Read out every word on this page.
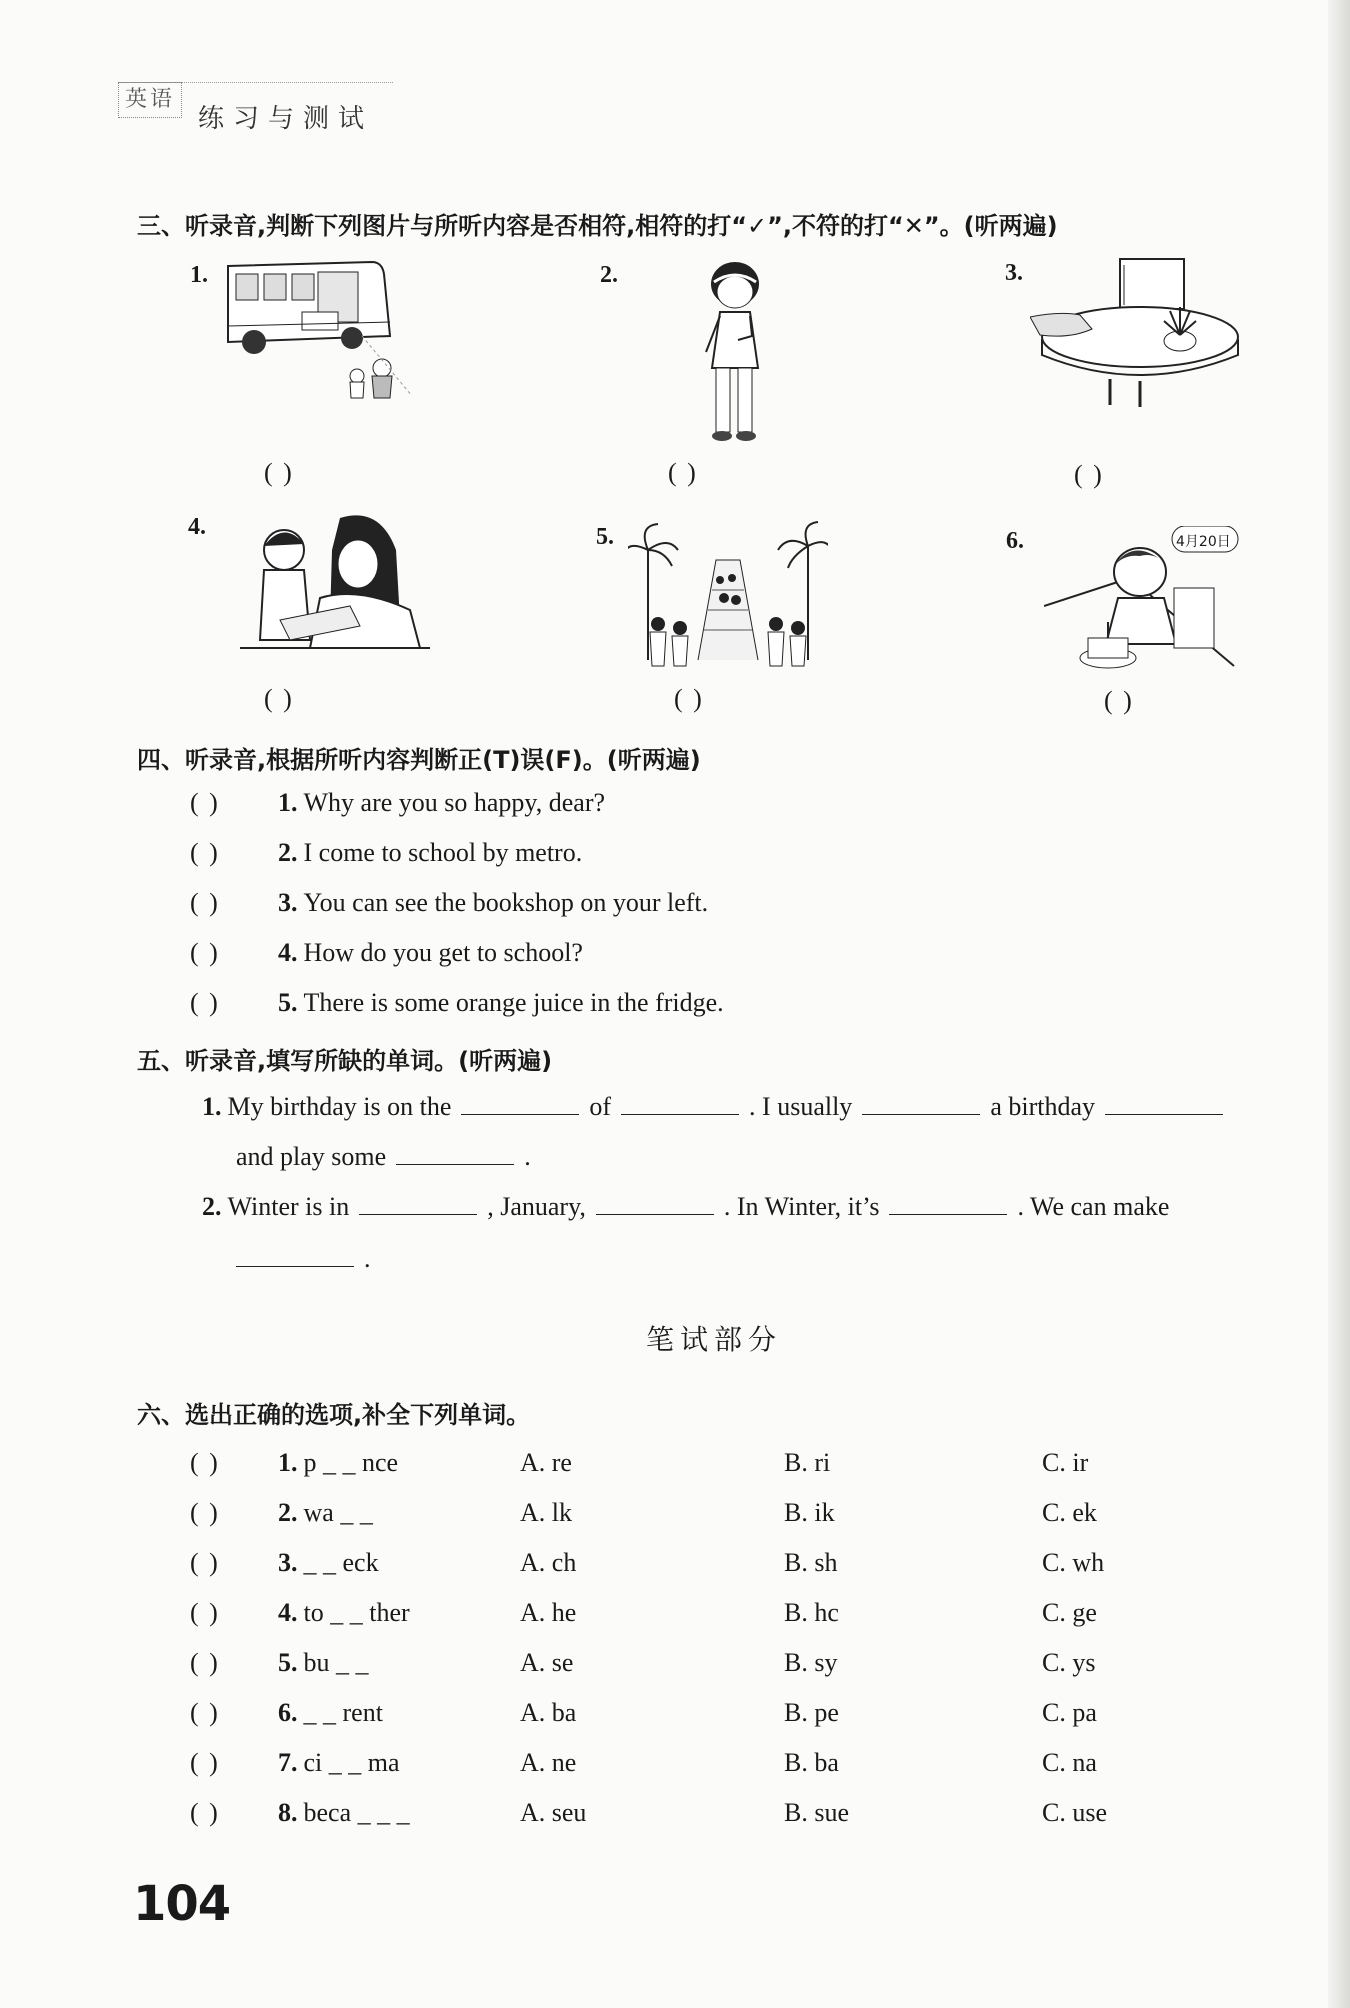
英语
练习与测试
三、听录音,判断下列图片与所听内容是否相符,相符的打“✓”,不符的打“✕”。(听两遍)
1.	2.	3.
( )	( )	( )
4.	5.	6.	4月20日
( )	( )	( )
四、听录音,根据所听内容判断正(T)误(F)。(听两遍)
( ) 1. Why are you so happy, dear?
( ) 2. I come to school by metro.
( ) 3. You can see the bookshop on your left.
( ) 4. How do you get to school?
( ) 5. There is some orange juice in the fridge.
五、听录音,填写所缺的单词。(听两遍)
1. My birthday is on the	of	. I usually	a birthday
and play some	.
2. Winter is in	, January,	. In Winter, it’s	. We can make
.
笔试部分
六、选出正确的选项,补全下列单词。
( ) 1. p _ _ nce	A. re	B. ri	C. ir
( ) 2. wa _ _	A. lk	B. ik	C. ek
( ) 3. _ _ eck	A. ch	B. sh	C. wh
( ) 4. to _ _ ther	A. he	B. hc	C. ge
( ) 5. bu _ _	A. se	B. sy	C. ys
( ) 6. _ _ rent	A. ba	B. pe	C. pa
( ) 7. ci _ _ ma	A. ne	B. ba	C. na
( ) 8. beca _ _ _	A. seu	B. sue	C. use
104
